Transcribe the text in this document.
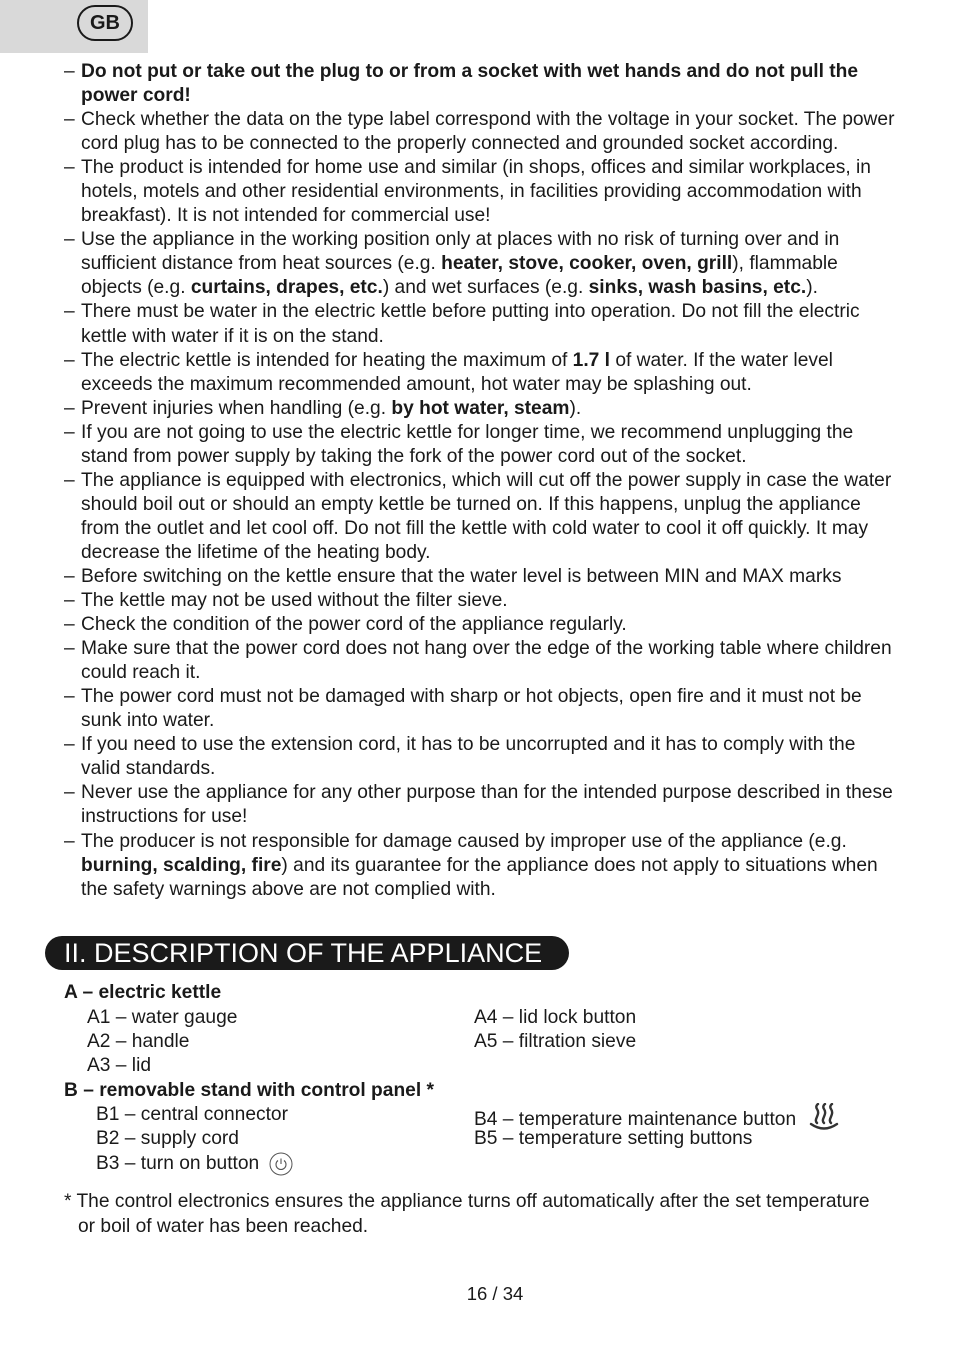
GB
– Do not put or take out the plug to or from a socket with wet hands and do not pull the power cord!
– Check whether the data on the type label correspond with the voltage in your socket. The power cord plug has to be connected to the properly connected and grounded socket according.
– The product is intended for home use and similar (in shops, offices and similar workplaces, in hotels, motels and other residential environments, in facilities providing accommodation with breakfast). It is not intended for commercial use!
– Use the appliance in the working position only at places with no risk of turning over and in sufficient distance from heat sources (e.g. heater, stove, cooker, oven, grill), flammable objects (e.g. curtains, drapes, etc.) and wet surfaces (e.g. sinks, wash basins, etc.).
– There must be water in the electric kettle before putting into operation. Do not fill the electric kettle with water if it is on the stand.
– The electric kettle is intended for heating the maximum of 1.7 l of water. If the water level exceeds the maximum recommended amount, hot water may be splashing out.
– Prevent injuries when handling (e.g. by hot water, steam).
– If you are not going to use the electric kettle for longer time, we recommend unplugging the stand from power supply by taking the fork of the power cord out of the socket.
– The appliance is equipped with electronics, which will cut off the power supply in case the water should boil out or should an empty kettle be turned on. If this happens, unplug the appliance from the outlet and let cool off. Do not fill the kettle with cold water to cool it off quickly. It may decrease the lifetime of the heating body.
– Before switching on the kettle ensure that the water level is between MIN and MAX marks
– The kettle may not be used without the filter sieve.
– Check the condition of the power cord of the appliance regularly.
– Make sure that the power cord does not hang over the edge of the working table where children could reach it.
– The power cord must not be damaged with sharp or hot objects, open fire and it must not be sunk into water.
– If you need to use the extension cord, it has to be uncorrupted and it has to comply with the valid standards.
– Never use the appliance for any other purpose than for the intended purpose described in these instructions for use!
– The producer is not responsible for damage caused by improper use of the appliance (e.g. burning, scalding, fire) and its guarantee for the appliance does not apply to situations when the safety warnings above are not complied with.
II. DESCRIPTION OF THE APPLIANCE
A – electric kettle
A1 – water gauge
A2 – handle
A3 – lid
A4 – lid lock button
A5 – filtration sieve
B – removable stand with control panel *
B1 – central connector
B2 – supply cord
B3 – turn on button
B4 – temperature maintenance button
B5 – temperature setting buttons
* The control electronics ensures the appliance turns off automatically after the set temperature or boil of water has been reached.
16 / 34
